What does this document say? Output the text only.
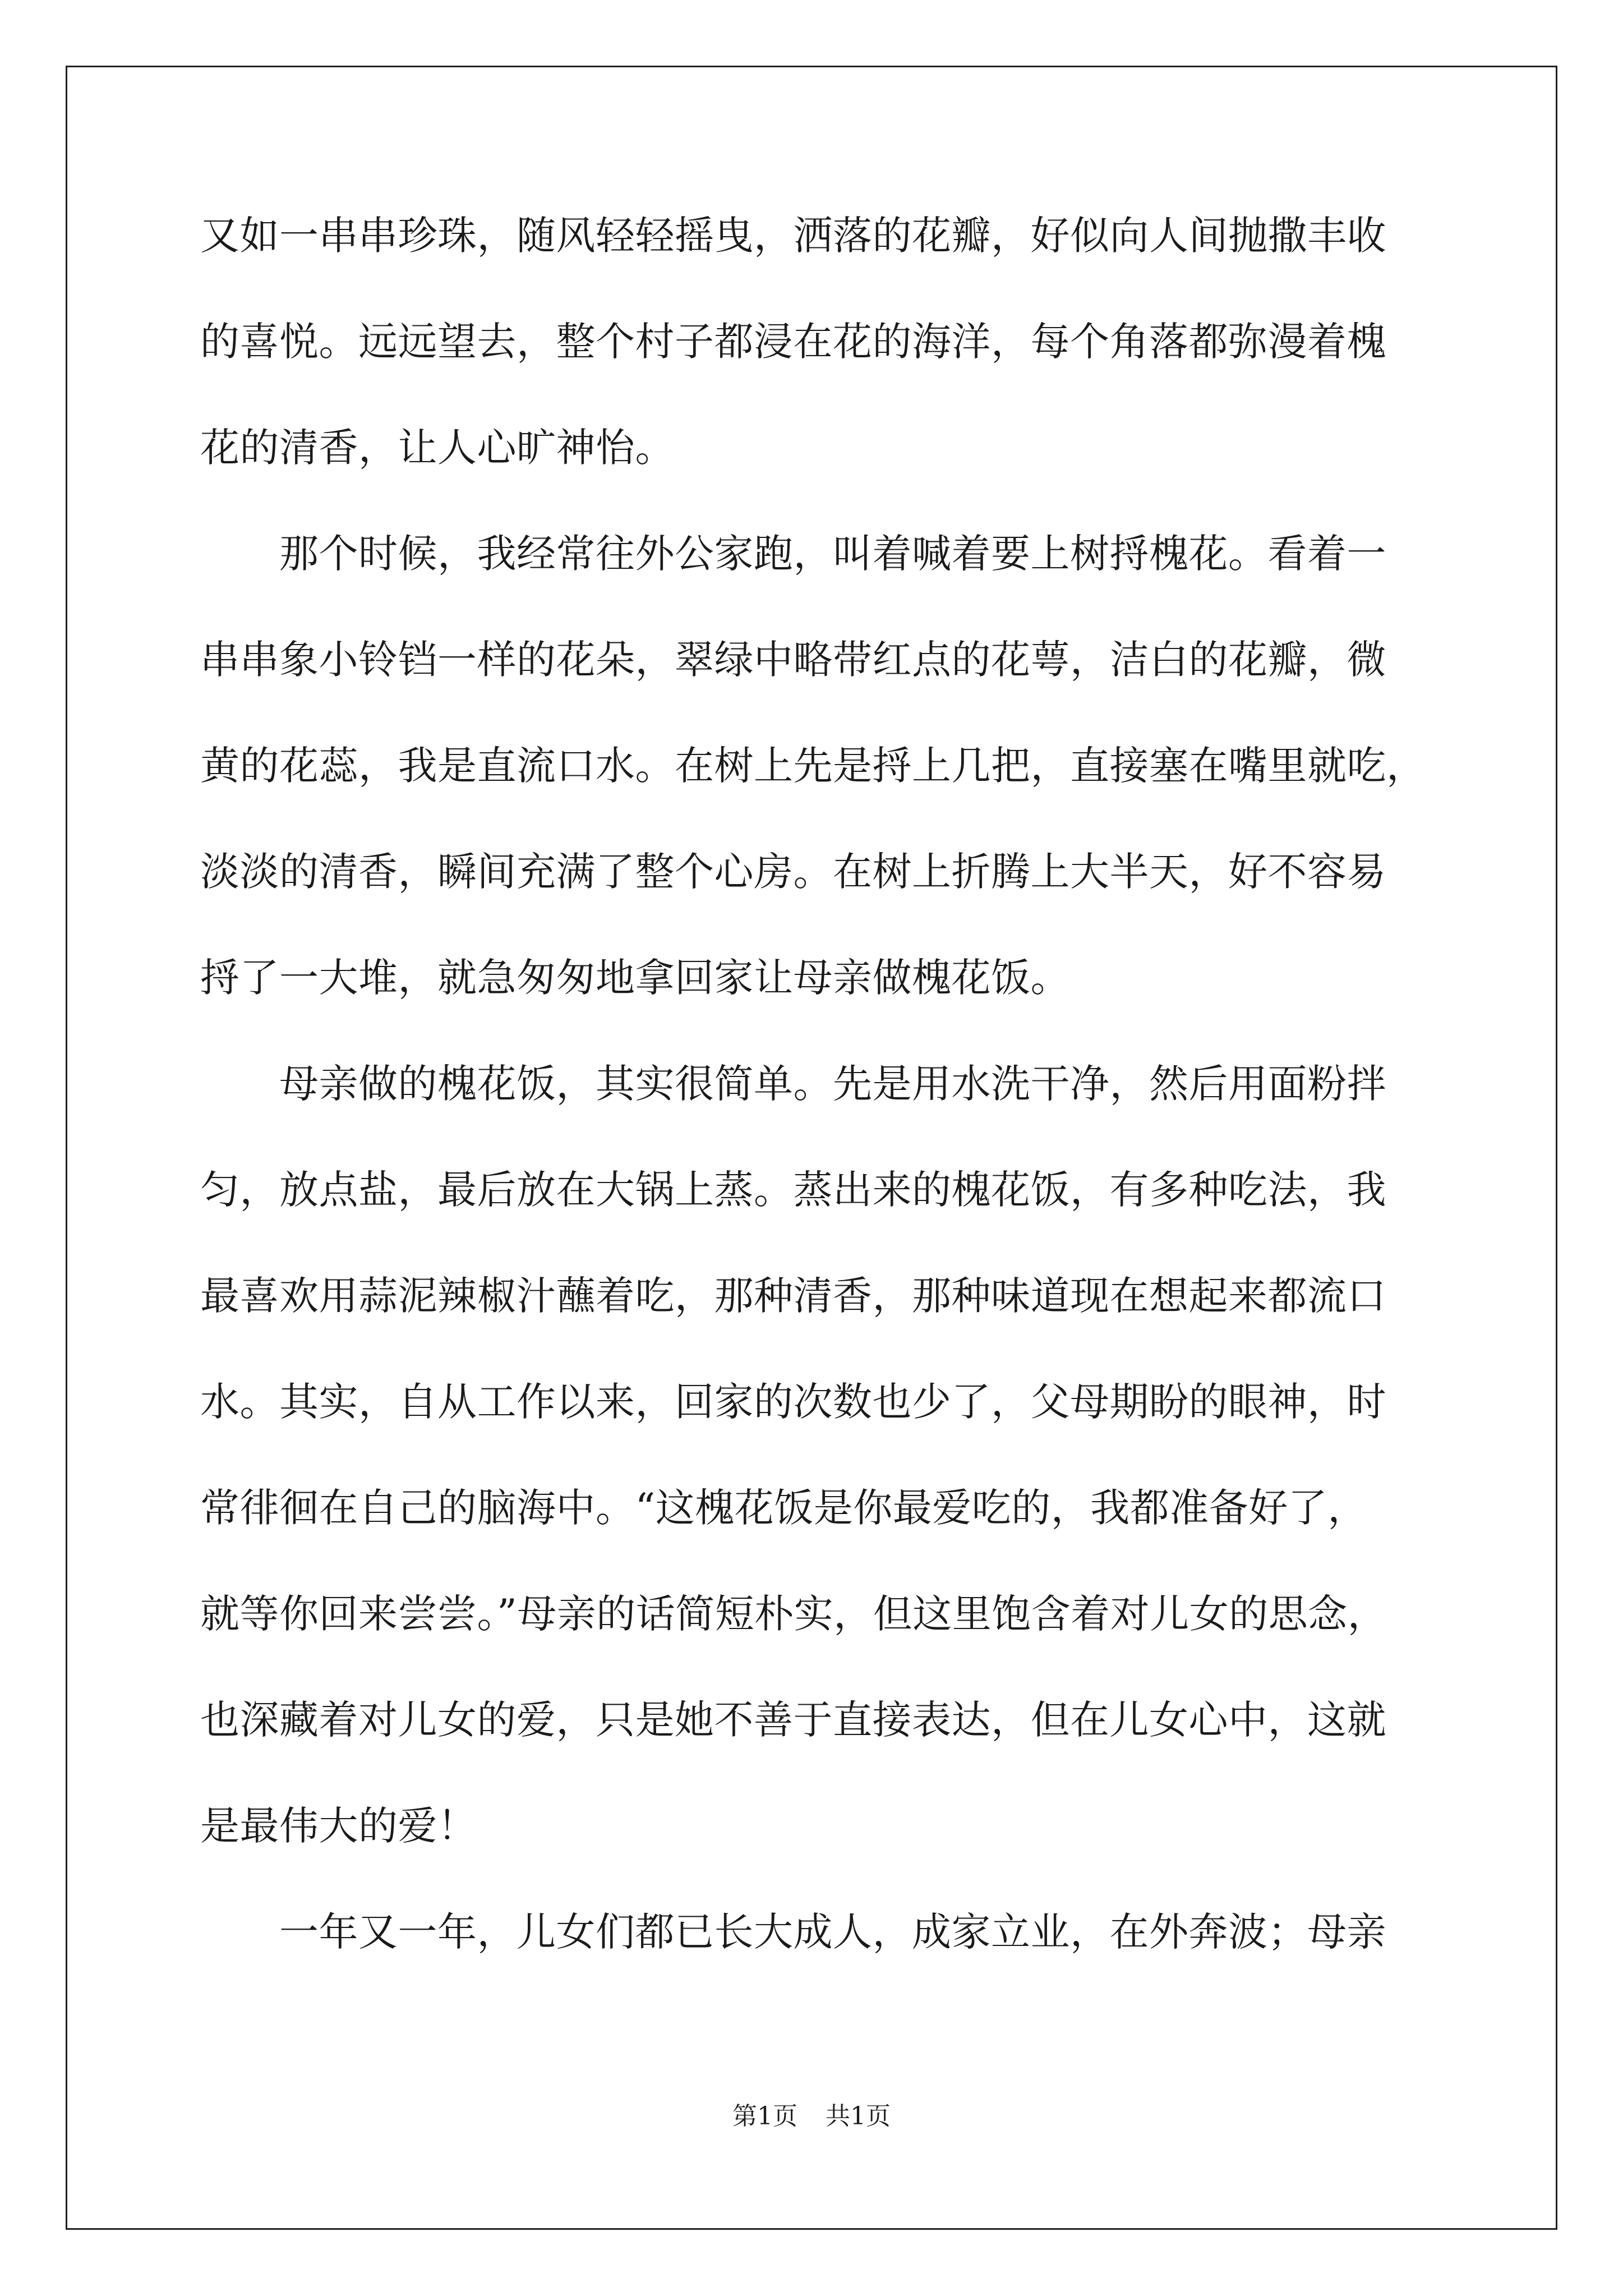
又如一串串珍珠，随风轻轻摇曳，洒落的花瓣，好似向人间抛撒丰收
的喜悦。远远望去，整个村子都浸在花的海洋，每个角落都弥漫着槐
花的清香，让人心旷神怡。
　　那个时候，我经常往外公家跑，叫着喊着要上树捋槐花。看着一
串串象小铃铛一样的花朵，翠绿中略带红点的花萼，洁白的花瓣，微
黄的花蕊，我是直流口水。在树上先是捋上几把，直接塞在嘴里就吃，
淡淡的清香，瞬间充满了整个心房。在树上折腾上大半天，好不容易
捋了一大堆，就急匆匆地拿回家让母亲做槐花饭。
　　母亲做的槐花饭，其实很简单。先是用水洗干净，然后用面粉拌
匀，放点盐，最后放在大锅上蒸。蒸出来的槐花饭，有多种吃法，我
最喜欢用蒜泥辣椒汁蘸着吃，那种清香，那种味道现在想起来都流口
水。其实，自从工作以来，回家的次数也少了，父母期盼的眼神，时
常徘徊在自己的脑海中。“这槐花饭是你最爱吃的，我都准备好了，
就等你回来尝尝。”母亲的话简短朴实，但这里饱含着对儿女的思念，
也深藏着对儿女的爱，只是她不善于直接表达，但在儿女心中，这就
是最伟大的爱！
　　一年又一年，儿女们都已长大成人，成家立业，在外奔波；母亲
第1页 共1页
